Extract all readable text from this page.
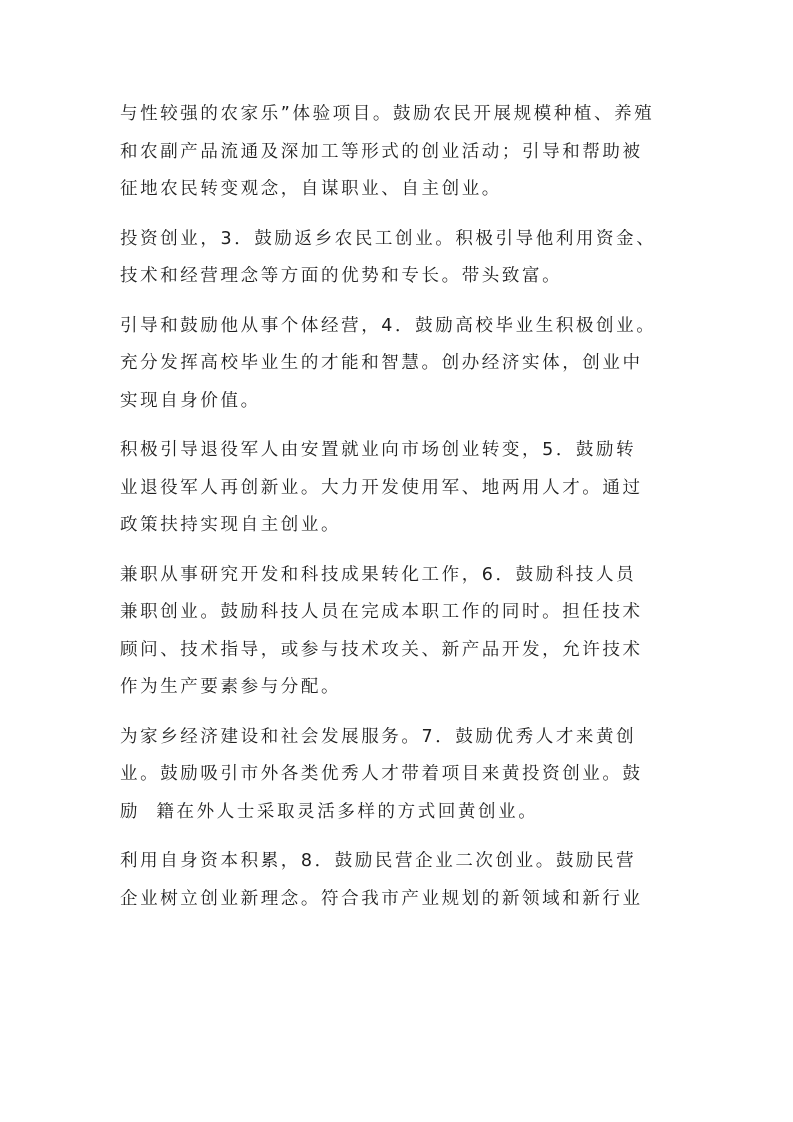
与性较强的农家乐”体验项目。鼓励农民开展规模种植、养殖
和农副产品流通及深加工等形式的创业活动；引导和帮助被
征地农民转变观念，自谋职业、自主创业。

投资创业，3．鼓励返乡农民工创业。积极引导他利用资金、
技术和经营理念等方面的优势和专长。带头致富。

引导和鼓励他从事个体经营，4．鼓励高校毕业生积极创业。
充分发挥高校毕业生的才能和智慧。创办经济实体，创业中
实现自身价值。

积极引导退役军人由安置就业向市场创业转变，5．鼓励转
业退役军人再创新业。大力开发使用军、地两用人才。通过
政策扶持实现自主创业。

兼职从事研究开发和科技成果转化工作，6．鼓励科技人员
兼职创业。鼓励科技人员在完成本职工作的同时。担任技术
顾问、技术指导，或参与技术攻关、新产品开发，允许技术
作为生产要素参与分配。

为家乡经济建设和社会发展服务。7．鼓励优秀人才来黄创
业。鼓励吸引市外各类优秀人才带着项目来黄投资创业。鼓
励  籍在外人士采取灵活多样的方式回黄创业。

利用自身资本积累，8．鼓励民营企业二次创业。鼓励民营
企业树立创业新理念。符合我市产业规划的新领域和新行业
